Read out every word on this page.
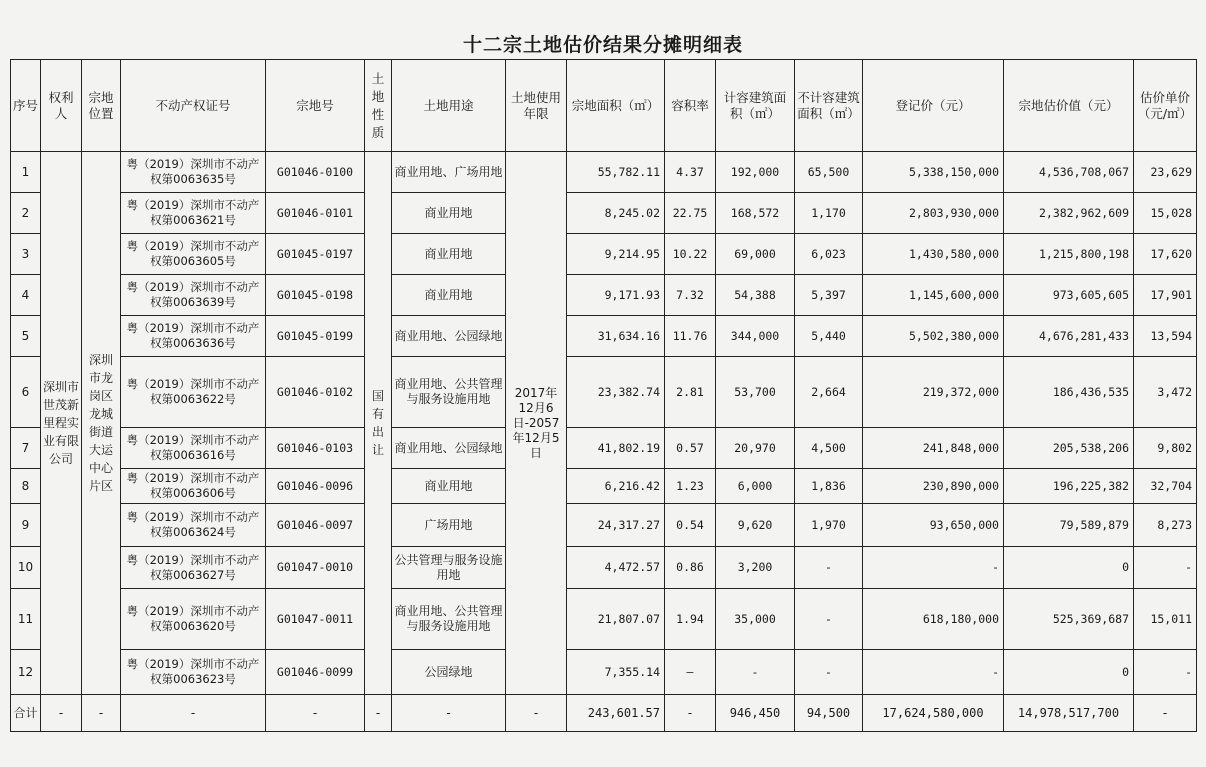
十二宗土地估价结果分摊明细表
序号	权利人	宗地位置	不动产权证号	宗地号	土地性质	土地用途	土地使用年限	宗地面积（㎡）	容积率	计容建筑面积（㎡）	不计容建筑面积（㎡）	登记价（元）	宗地估价值（元）	估价单价（元/㎡）
1	深圳市世茂新里程实业有限公司	深圳市龙岗区龙城街道大运中心片区	粤（2019）深圳市不动产权第0063635号	G01046-0100	国有出让	商业用地、广场用地	2017年12月6日-2057年12月5日	55,782.11	4.37	192,000	65,500	5,338,150,000	4,536,708,067	23,629
2			粤（2019）深圳市不动产权第0063621号	G01046-0101		商业用地		8,245.02	22.75	168,572	1,170	2,803,930,000	2,382,962,609	15,028
3			粤（2019）深圳市不动产权第0063605号	G01045-0197		商业用地		9,214.95	10.22	69,000	6,023	1,430,580,000	1,215,800,198	17,620
4			粤（2019）深圳市不动产权第0063639号	G01045-0198		商业用地		9,171.93	7.32	54,388	5,397	1,145,600,000	973,605,605	17,901
5			粤（2019）深圳市不动产权第0063636号	G01045-0199		商业用地、公园绿地		31,634.16	11.76	344,000	5,440	5,502,380,000	4,676,281,433	13,594
6			粤（2019）深圳市不动产权第0063622号	G01046-0102		商业用地、公共管理与服务设施用地		23,382.74	2.81	53,700	2,664	219,372,000	186,436,535	3,472
7			粤（2019）深圳市不动产权第0063616号	G01046-0103		商业用地、公园绿地		41,802.19	0.57	20,970	4,500	241,848,000	205,538,206	9,802
8			粤（2019）深圳市不动产权第0063606号	G01046-0096		商业用地		6,216.42	1.23	6,000	1,836	230,890,000	196,225,382	32,704
9			粤（2019）深圳市不动产权第0063624号	G01046-0097		广场用地		24,317.27	0.54	9,620	1,970	93,650,000	79,589,879	8,273
10			粤（2019）深圳市不动产权第0063627号	G01047-0010		公共管理与服务设施用地		4,472.57	0.86	3,200	-	-	0	-
11			粤（2019）深圳市不动产权第0063620号	G01047-0011		商业用地、公共管理与服务设施用地		21,807.07	1.94	35,000	-	618,180,000	525,369,687	15,011
12			粤（2019）深圳市不动产权第0063623号	G01046-0099		公园绿地		7,355.14	—	-	-	-	0	-
合计	-	-	-	-	-	-	-	243,601.57	-	946,450	94,500	17,624,580,000	14,978,517,700	-
